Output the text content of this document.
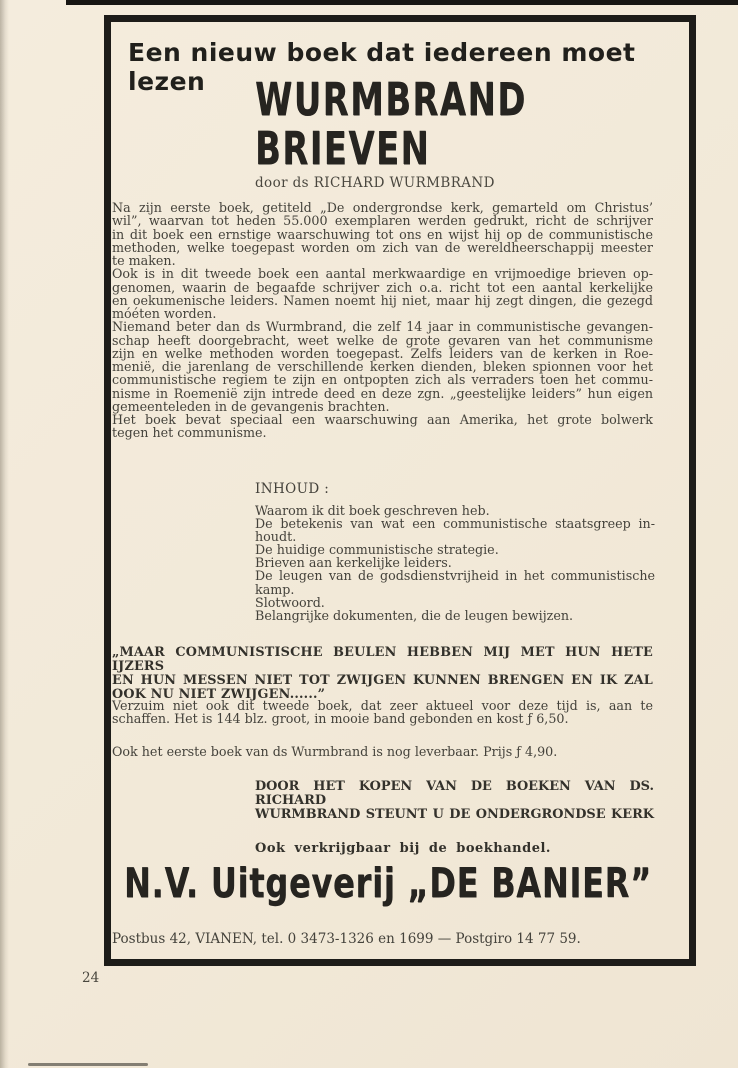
Een nieuw boek dat iedereen moet lezen	WURMBRAND
BRIEVEN
door ds RICHARD WURMBRAND
Na zijn eerste boek, getiteld „De ondergrondse kerk, gemarteld om Christus’
wil”, waarvan tot heden 55.000 exemplaren werden gedrukt, richt de schrijver
in dit boek een ernstige waarschuwing tot ons en wijst hij op de communistische
methoden, welke toegepast worden om zich van de wereldheerschappij meester
te maken.
Ook is in dit tweede boek een aantal merkwaardige en vrijmoedige brieven op-
genomen, waarin de begaafde schrijver zich o.a. richt tot een aantal kerkelijke
en oekumenische leiders. Namen noemt hij niet, maar hij zegt dingen, die gezegd
móéten worden.
Niemand beter dan ds Wurmbrand, die zelf 14 jaar in communistische gevangen-
schap heeft doorgebracht, weet welke de grote gevaren van het communisme
zijn en welke methoden worden toegepast. Zelfs leiders van de kerken in Roe-
menië, die jarenlang de verschillende kerken dienden, bleken spionnen voor het
communistische regiem te zijn en ontpopten zich als verraders toen het commu-
nisme in Roemenië zijn intrede deed en deze zgn. „geestelijke leiders” hun eigen
gemeenteleden in de gevangenis brachten.
Het boek bevat speciaal een waarschuwing aan Amerika, het grote bolwerk
tegen het communisme.
INHOUD :
Waarom ik dit boek geschreven heb.
De betekenis van wat een communistische staatsgreep in-
houdt.
De huidige communistische strategie.
Brieven aan kerkelijke leiders.
De leugen van de godsdienstvrijheid in het communistische
kamp.
Slotwoord.
Belangrijke dokumenten, die de leugen bewijzen.
„MAAR COMMUNISTISCHE BEULEN HEBBEN MIJ MET HUN HETE IJZERS
EN HUN MESSEN NIET TOT ZWIJGEN KUNNEN BRENGEN EN IK ZAL
OOK NU NIET ZWIJGEN......”
Verzuim niet ook dit tweede boek, dat zeer aktueel voor deze tijd is, aan te
schaffen. Het is 144 blz. groot, in mooie band gebonden en kost ƒ 6,50.
Ook het eerste boek van ds Wurmbrand is nog leverbaar. Prijs ƒ 4,90.
DOOR HET KOPEN VAN DE BOEKEN VAN DS. RICHARD
WURMBRAND STEUNT U DE ONDERGRONDSE KERK
Ook verkrijgbaar bij de boekhandel.
N.V. Uitgeverij „DE BANIER”
Postbus 42, VIANEN, tel. 0 3473-1326 en 1699 — Postgiro 14 77 59.
24
